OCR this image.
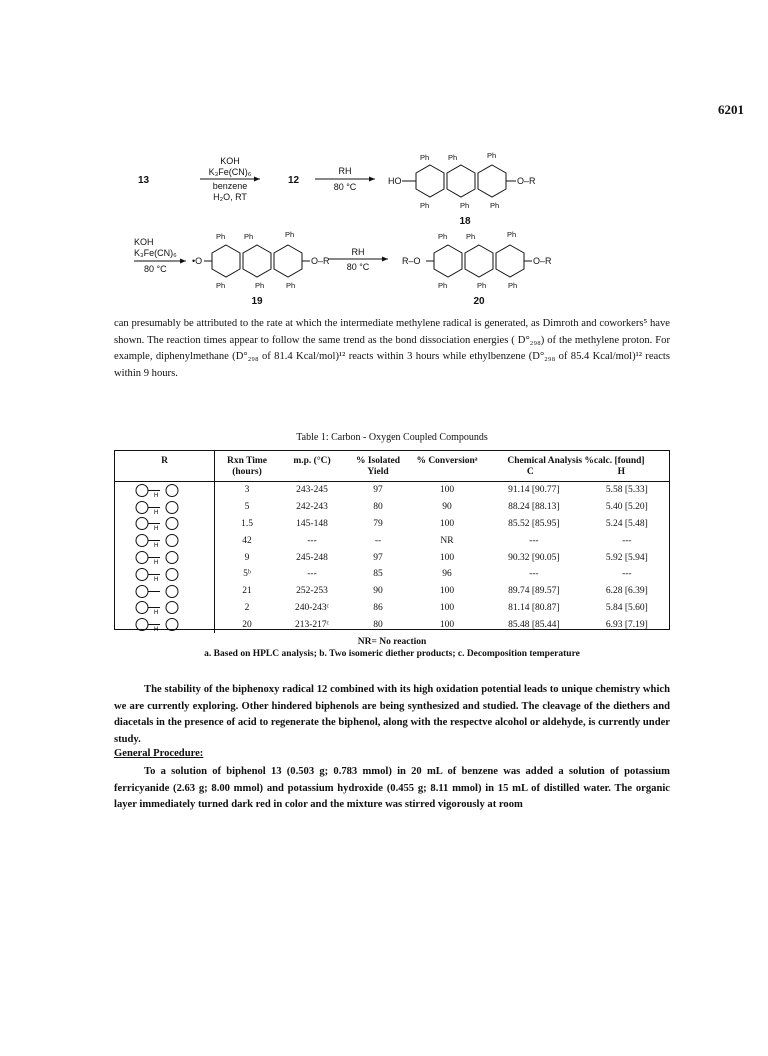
6201
13
KOH
K₃Fe(CN)₆
benzene
H₂O, RT
12
RH
80 °C
HO	O–R
Ph	Ph	Ph
Ph	Ph	Ph
18
KOH
K₃Fe(CN)₆
80 °C
•O	O–R
Ph	Ph	Ph
Ph	Ph	Ph
19
RH
80 °C
R–O	O–R
Ph	Ph	Ph
Ph	Ph	Ph
20
can presumably be attributed to the rate at which the intermediate methylene radical is generated, as Dimroth and coworkers⁵ have shown. The reaction times appear to follow the same trend as the bond dissociation energies ( D°₂₉₈) of the methylene proton. For example, diphenylmethane (D°₂₉₈ of 81.4 Kcal/mol)¹² reacts within 3 hours while ethylbenzene (D°₂₉₈ of 85.4 Kcal/mol)¹² reacts within 9 hours.
Table 1: Carbon - Oxygen Coupled Compounds
R	Rxn Time (hours)	m.p. (°C)	% Isolated Yield	% Conversionᵃ	Chemical Analysis %calc. [found]
C H	

H	3	243-245	97	100	91.14 [90.77]	5.58 [5.33]

H	5	242-243	80	90	88.24 [88.13]	5.40 [5.20]

H	1.5	145-148	79	100	85.52 [85.95]	5.24 [5.48]

H	42	---	--	NR	---	---

H	9	245-248	97	100	90.32 [90.05]	5.92 [5.94]

H	5ᵇ	---	85	96	---	---

	21	252-253	90	100	89.74 [89.57]	6.28 [6.39]

H	2	240-243ᶜ	86	100	81.14 [80.87]	5.84 [5.60]

H	20	213-217ᶜ	80	100	85.48 [85.44]	6.93 [7.19]
NR= No reaction
a. Based on HPLC analysis; b. Two isomeric diether products; c. Decomposition temperature
The stability of the biphenoxy radical 12 combined with its high oxidation potential leads to unique chemistry which we are currently exploring. Other hindered biphenols are being synthesized and studied. The cleavage of the diethers and diacetals in the presence of acid to regenerate the biphenol, along with the respectve alcohol or aldehyde, is currently under study.
General Procedure:
To a solution of biphenol 13 (0.503 g; 0.783 mmol) in 20 mL of benzene was added a solution of potassium ferricyanide (2.63 g; 8.00 mmol) and potassium hydroxide (0.455 g; 8.11 mmol) in 15 mL of distilled water. The organic layer immediately turned dark red in color and the mixture was stirred vigorously at room
